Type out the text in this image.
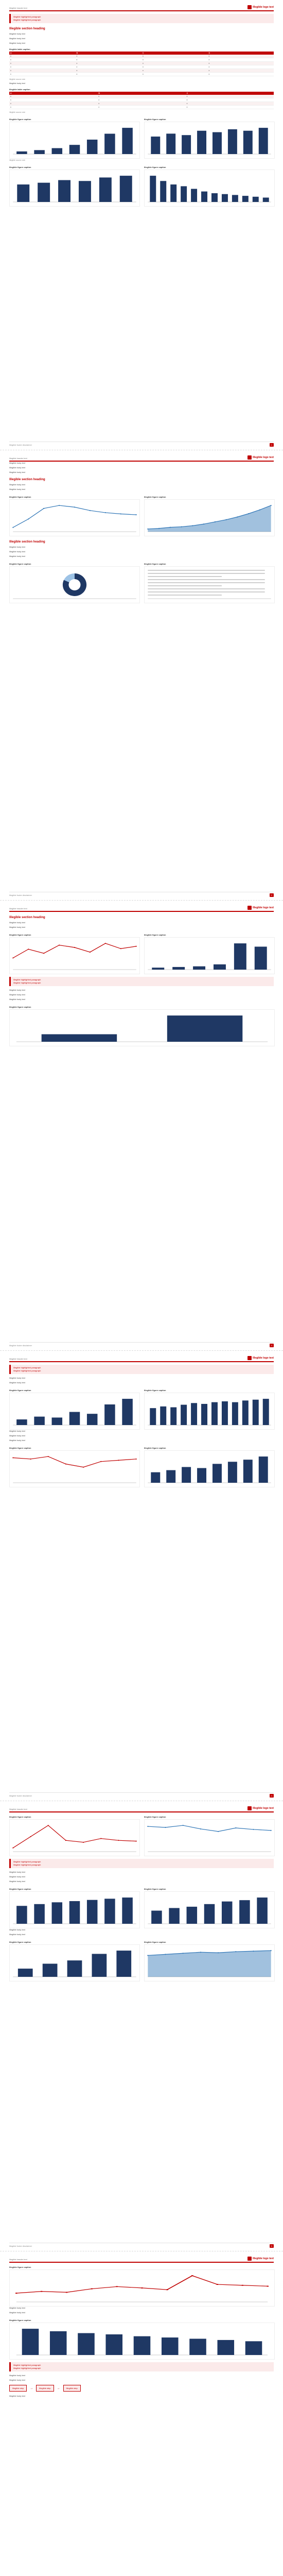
Illegible header text	Illegible logo text

Illegible highlighted paragraph

Illegible highlighted paragraph

Illegible section heading

Illegible body text

Illegible body text

Illegible body text

Illegible table caption
A	B	C	D
x	x	x	x
x	x	x	x
x	x	x	x
x	x	x	x
x	x	x	x
x	x	x	x
Illegible source note

Illegible body text

Illegible table caption
A	B	C
x	x	x
x	x	x
x	x	x
x	x	x
Illegible source note
Illegible figure caption	Illegible figure caption
Illegible source note
Illegible figure caption	Illegible figure caption
Illegible footer disclaimer	1
Illegible header text	Illegible logo text

Illegible body text

Illegible body text

Illegible body text

Illegible section heading

Illegible body text

Illegible body text

Illegible figure caption	Illegible figure caption
Illegible section heading

Illegible body text

Illegible body text

Illegible body text

Illegible figure caption	Illegible figure caption
Illegible footer disclaimer	2
Illegible header text	Illegible logo text
Illegible section heading

Illegible body text

Illegible body text

Illegible figure caption	Illegible figure caption

Illegible highlighted paragraph

Illegible highlighted paragraph

Illegible body text

Illegible body text

Illegible body text

Illegible figure caption
Illegible footer disclaimer	3
Illegible header text	Illegible logo text

Illegible highlighted paragraph

Illegible highlighted paragraph

Illegible body text

Illegible body text

Illegible figure caption	Illegible figure caption

Illegible body text

Illegible body text

Illegible body text

Illegible figure caption	Illegible figure caption
Illegible footer disclaimer	4
Illegible header text	Illegible logo text
Illegible figure caption	Illegible figure caption

Illegible highlighted paragraph

Illegible highlighted paragraph

Illegible body text

Illegible body text

Illegible body text

Illegible figure caption	Illegible figure caption

Illegible body text

Illegible body text

Illegible figure caption	Illegible figure caption
Illegible footer disclaimer	5
Illegible header text	Illegible logo text
Illegible figure caption

Illegible body text

Illegible body text

Illegible figure caption

Illegible highlighted paragraph

Illegible highlighted paragraph

Illegible body text

Illegible body text

Illegible step	→	Illegible step	→	Illegible step

Illegible body text
